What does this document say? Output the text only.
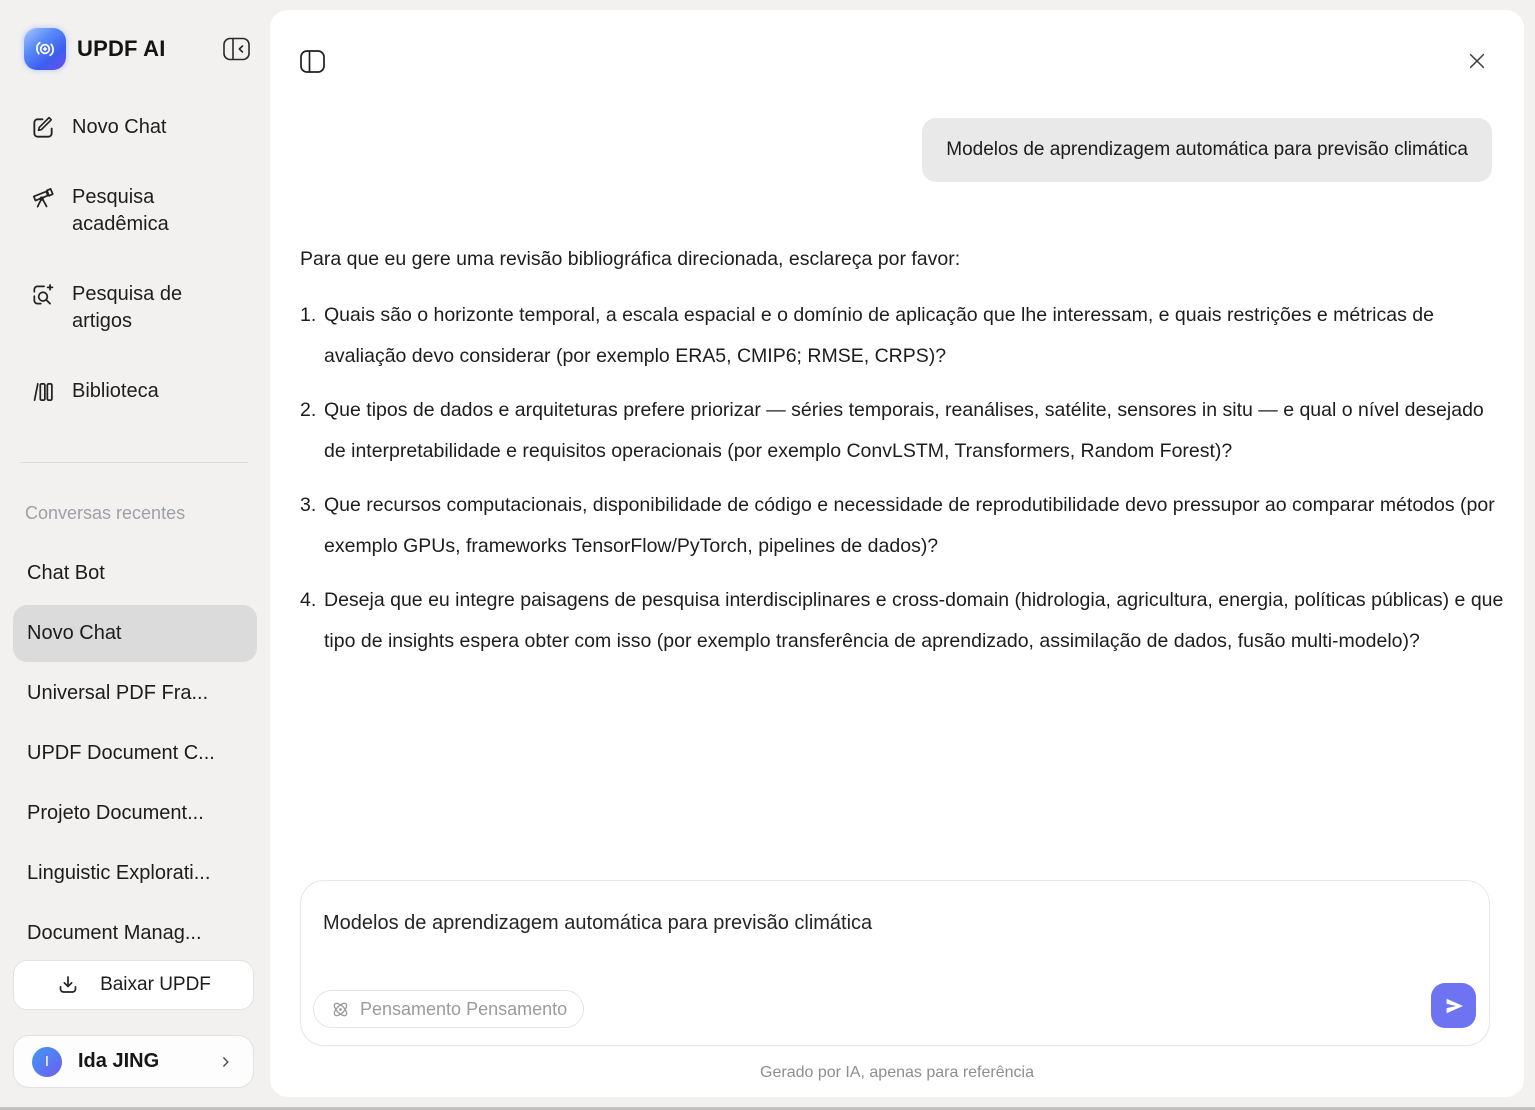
UPDF AI
Novo Chat
Pesquisa acadêmica
Pesquisa de artigos
Biblioteca
Conversas recentes
Chat Bot
Novo Chat
Universal PDF Fra...
UPDF Document C...
Projeto Document...
Linguistic Explorati...
Document Manag...
Baixar UPDF
I	Ida JING
Modelos de aprendizagem automática para previsão climática

Para que eu gere uma revisão bibliográfica direcionada, esclareça por favor:

1. Quais são o horizonte temporal, a escala espacial e o domínio de aplicação que lhe interessam, e quais restrições e métricas de avaliação devo considerar (por exemplo ERA5, CMIP6; RMSE, CRPS)?
2. Que tipos de dados e arquiteturas prefere priorizar — séries temporais, reanálises, satélite, sensores in situ — e qual o nível desejado de interpretabilidade e requisitos operacionais (por exemplo ConvLSTM, Transformers, Random Forest)?
3. Que recursos computacionais, disponibilidade de código e necessidade de reprodutibilidade devo pressupor ao comparar métodos (por exemplo GPUs, frameworks TensorFlow/PyTorch, pipelines de dados)?
4. Deseja que eu integre paisagens de pesquisa interdisciplinares e cross-domain (hidrologia, agricultura, energia, políticas públicas) e que tipo de insights espera obter com isso (por exemplo transferência de aprendizado, assimilação de dados, fusão multi-modelo)?
Modelos de aprendizagem automática para previsão climática
Pensamento Pensamento
Gerado por IA, apenas para referência
